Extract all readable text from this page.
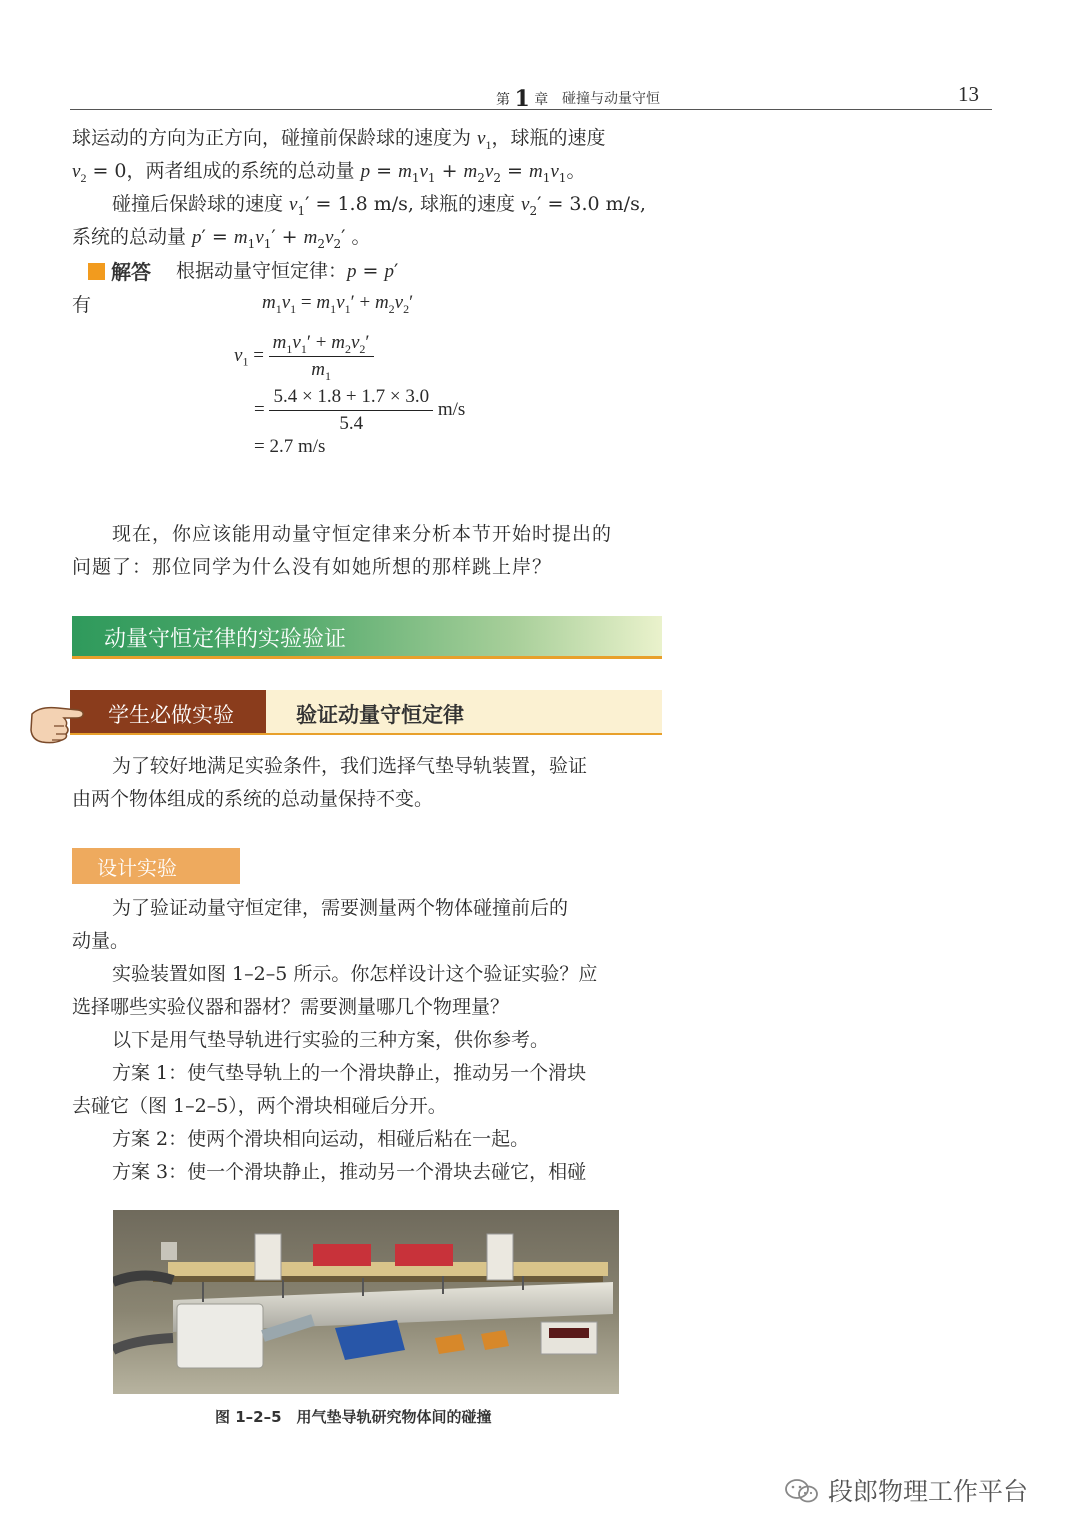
第 1 章 碰撞与动量守恒	13

球运动的方向为正方向，碰撞前保龄球的速度为 $v_1$，球瓶的速度

$v_2 = 0$，两者组成的系统的总动量 $p = m_1v_1 + m_2v_2 = m_1v_1$。

碰撞后保龄球的速度 $v_1' = 1.8$ m/s, 球瓶的速度 $v_2' = 3.0$ m/s,

系统的总动量 $p' = m_1v_1' + m_2v_2'$ 。

解答 根据动量守恒定律：p = p′
有	$m_1v_1 = m_1v_1' + m_2v_2'$
$v_1 = \frac{m_1v_1' + m_2v_2'}{m_1}$
= $\frac{5.4 \times 1.8 + 1.7 \times 3.0}{5.4} m/s$
= 2.7 m/s

现在，你应该能用动量守恒定律来分析本节开始时提出的

问题了：那位同学为什么没有如她所想的那样跳上岸？

动量守恒定律的实验验证
学生必做实验	验证动量守恒定律

为了较好地满足实验条件，我们选择气垫导轨装置，验证

由两个物体组成的系统的总动量保持不变。

设计实验

为了验证动量守恒定律，需要测量两个物体碰撞前后的

动量。

实验装置如图 1–2–5 所示。你怎样设计这个验证实验？应

选择哪些实验仪器和器材？需要测量哪几个物理量？

以下是用气垫导轨进行实验的三种方案，供你参考。

方案 1：使气垫导轨上的一个滑块静止，推动另一个滑块

去碰它（图 1–2–5），两个滑块相碰后分开。

方案 2：使两个滑块相向运动，相碰后粘在一起。

方案 3：使一个滑块静止，推动另一个滑块去碰它，相碰

图 1–2–5　用气垫导轨研究物体间的碰撞
段郎物理工作平台
